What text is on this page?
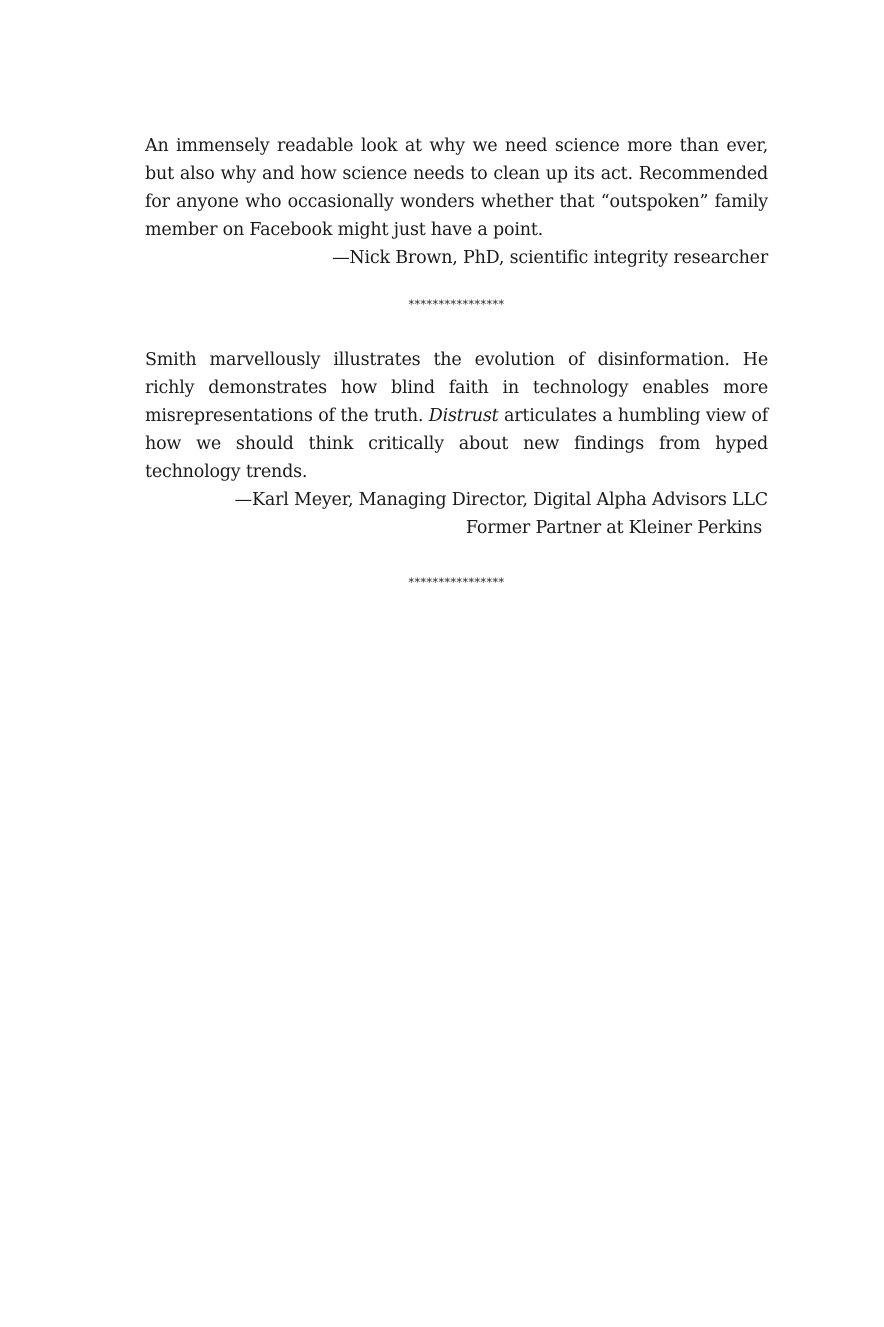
An immensely readable look at why we need science more than ever, but also why and how science needs to clean up its act. Recommended for anyone who occasionally wonders whether that “outspoken” family member on Facebook might just have a point.

—Nick Brown, PhD, scientific integrity researcher

****************

Smith marvellously illustrates the evolution of disinformation. He richly demonstrates how blind faith in technology enables more misrepresentations of the truth. Distrust articulates a humbling view of how we should think critically about new findings from hyped technology trends.

—Karl Meyer, Managing Director, Digital Alpha Advisors LLC
Former Partner at Kleiner Perkins

****************
